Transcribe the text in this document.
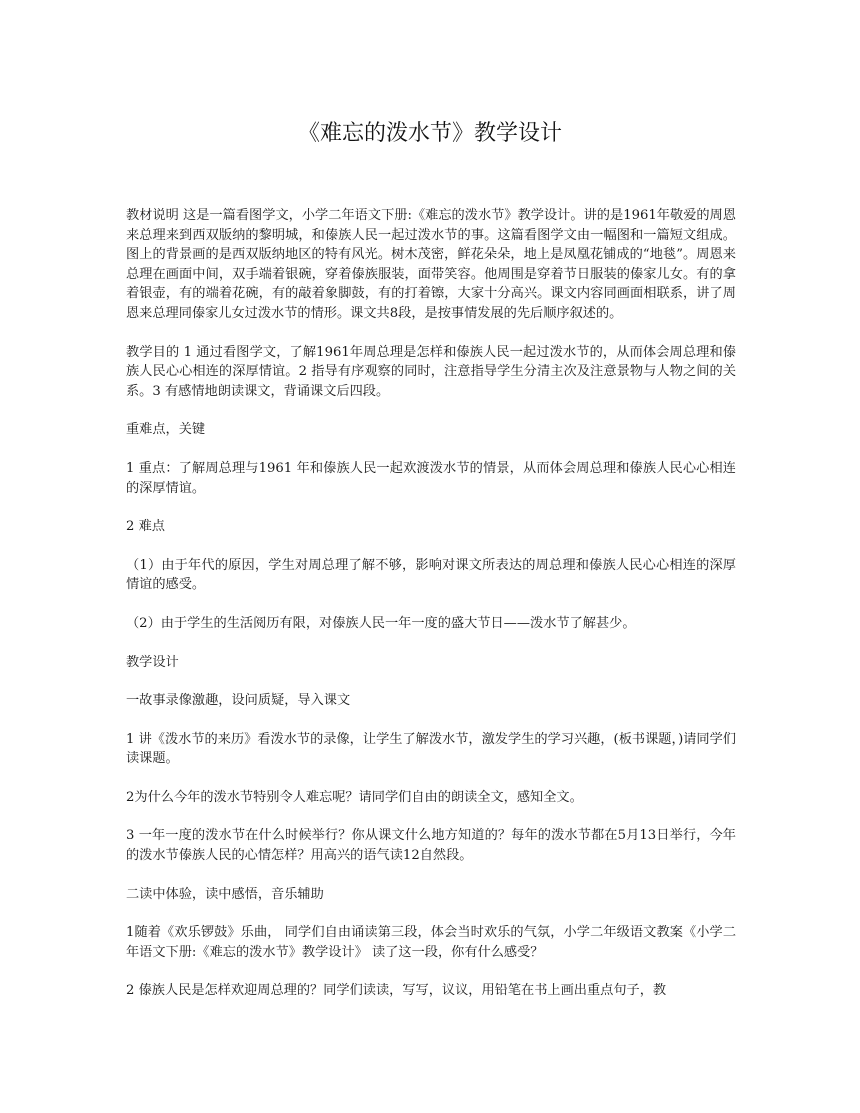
《难忘的泼水节》教学设计

教材说明 这是一篇看图学文，小学二年语文下册:《难忘的泼水节》教学设计。讲的是1961年敬爱的周恩来总理来到西双版纳的黎明城，和傣族人民一起过泼水节的事。这篇看图学文由一幅图和一篇短文组成。图上的背景画的是西双版纳地区的特有风光。树木茂密，鲜花朵朵，地上是凤凰花铺成的“地毯”。周恩来总理在画面中间，双手端着银碗，穿着傣族服装，面带笑容。他周围是穿着节日服装的傣家儿女。有的拿着银壶，有的端着花碗，有的敲着象脚鼓，有的打着镲，大家十分高兴。课文内容同画面相联系，讲了周恩来总理同傣家儿女过泼水节的情形。课文共8段，是按事情发展的先后顺序叙述的。

教学目的 1 通过看图学文，了解1961年周总理是怎样和傣族人民一起过泼水节的，从而体会周总理和傣族人民心心相连的深厚情谊。2 指导有序观察的同时，注意指导学生分清主次及注意景物与人物之间的关系。3 有感情地朗读课文，背诵课文后四段。

重难点，关键

1 重点：了解周总理与1961 年和傣族人民一起欢渡泼水节的情景，从而体会周总理和傣族人民心心相连的深厚情谊。

2 难点

（1）由于年代的原因，学生对周总理了解不够，影响对课文所表达的周总理和傣族人民心心相连的深厚情谊的感受。

（2）由于学生的生活阅历有限，对傣族人民一年一度的盛大节日——泼水节了解甚少。

教学设计

一故事录像激趣，设问质疑，导入课文

1 讲《泼水节的来历》看泼水节的录像，让学生了解泼水节，激发学生的学习兴趣，(板书课题，)请同学们读课题。

2为什么今年的泼水节特别令人难忘呢？请同学们自由的朗读全文，感知全文。

3 一年一度的泼水节在什么时候举行？你从课文什么地方知道的？每年的泼水节都在5月13日举行，今年的泼水节傣族人民的心情怎样？用高兴的语气读12自然段。

二读中体验，读中感悟，音乐辅助

1随着《欢乐锣鼓》乐曲， 同学们自由诵读第三段，体会当时欢乐的气氛，小学二年级语文教案《小学二年语文下册:《难忘的泼水节》教学设计》 读了这一段，你有什么感受？

2 傣族人民是怎样欢迎周总理的？同学们读读，写写，议议，用铅笔在书上画出重点句子，教
